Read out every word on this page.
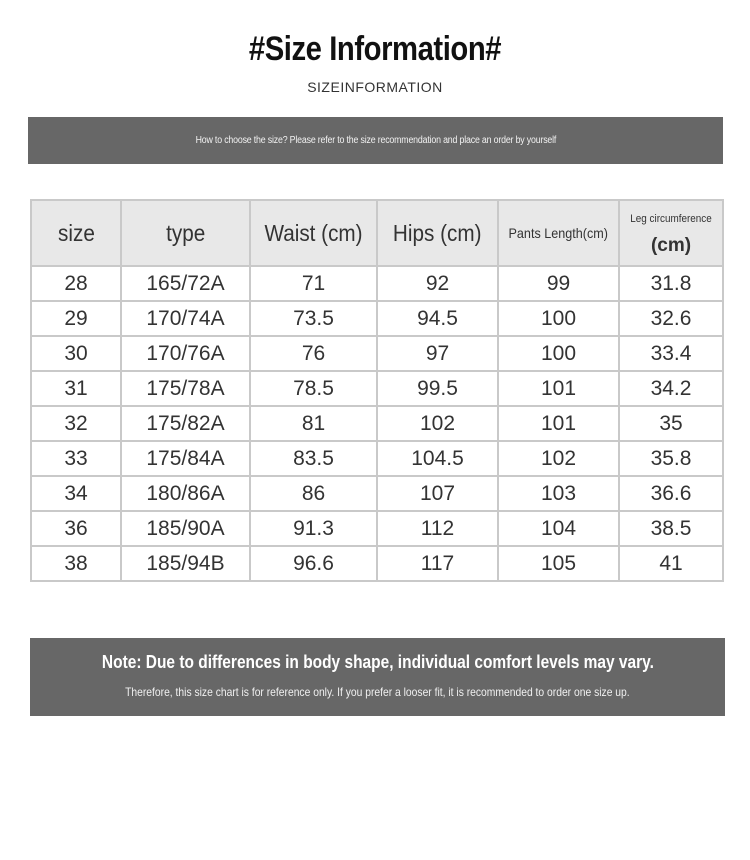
#Size Information#
SIZEINFORMATION
How to choose the size? Please refer to the size recommendation and place an order by yourself
size	type	Waist (cm)	Hips (cm)	Pants Length(cm)	Leg circumference
(cm)

28	165/72A	71	92	99	31.8
29	170/74A	73.5	94.5	100	32.6
30	170/76A	76	97	100	33.4
31	175/78A	78.5	99.5	101	34.2
32	175/82A	81	102	101	35
33	175/84A	83.5	104.5	102	35.8
34	180/86A	86	107	103	36.6
36	185/90A	91.3	112	104	38.5
38	185/94B	96.6	117	105	41
Note: Due to differences in body shape, individual comfort levels may vary.
Therefore, this size chart is for reference only. If you prefer a looser fit, it is recommended to order one size up.
